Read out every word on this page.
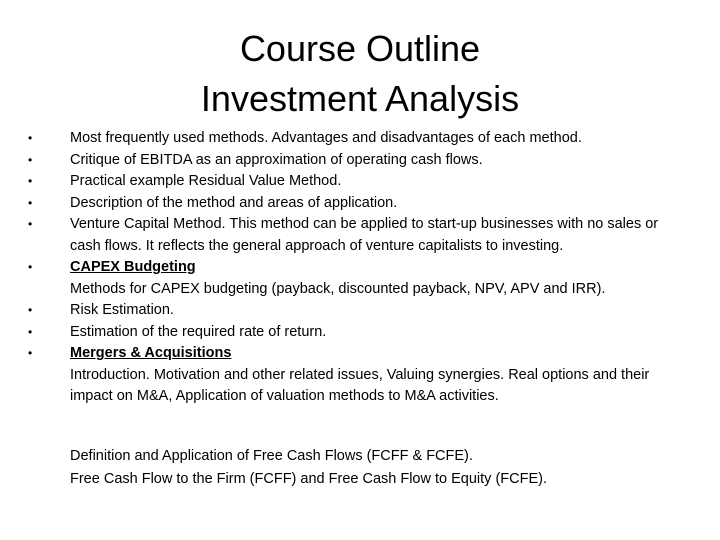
Course Outline
Investment Analysis
•	Most frequently used methods. Advantages and disadvantages of each method.
•	Critique of EBITDA as an approximation of operating cash flows.
•	Practical example Residual Value Method.
•	Description of the method and areas of application.
•	Venture Capital Method. This method can be applied to start-up businesses with no sales or cash flows. It reflects the general approach of venture capitalists to investing.
•	CAPEX Budgeting
Methods for CAPEX budgeting (payback, discounted payback, NPV, APV and IRR).
•	Risk Estimation.
•	Estimation of the required rate of return.
•	Mergers & Acquisitions
Introduction. Motivation and other related issues, Valuing synergies. Real options and their impact on M&A, Application of valuation methods to M&A activities.
Definition and Application of Free Cash Flows (FCFF & FCFE).
Free Cash Flow to the Firm (FCFF) and Free Cash Flow to Equity (FCFE).
